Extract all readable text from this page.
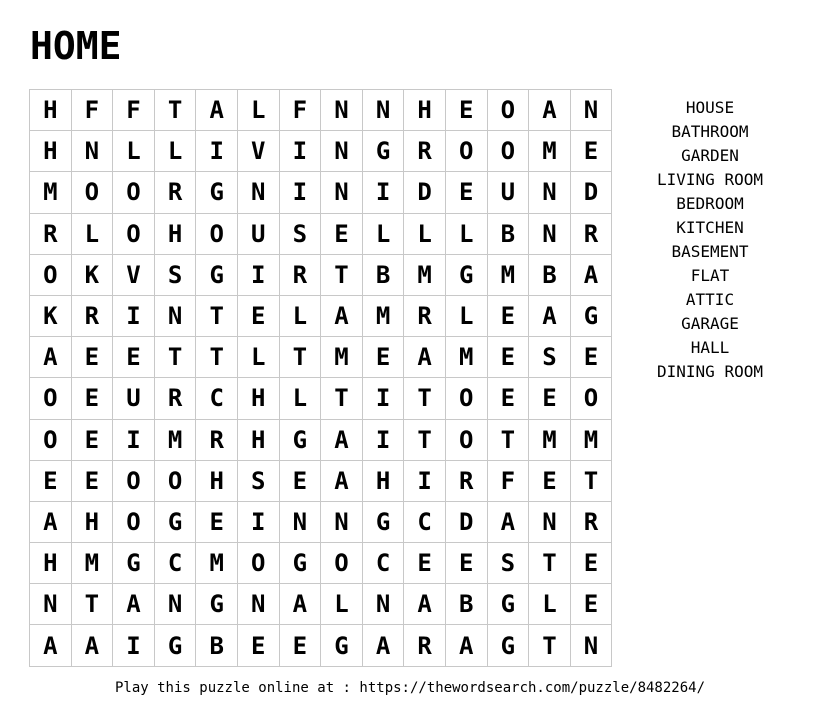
HOME
H	F	F	T	A	L	F	N	N	H	E	O	A	N
H	N	L	L	I	V	I	N	G	R	O	O	M	E
M	O	O	R	G	N	I	N	I	D	E	U	N	D
R	L	O	H	O	U	S	E	L	L	L	B	N	R
O	K	V	S	G	I	R	T	B	M	G	M	B	A
K	R	I	N	T	E	L	A	M	R	L	E	A	G
A	E	E	T	T	L	T	M	E	A	M	E	S	E
O	E	U	R	C	H	L	T	I	T	O	E	E	O
O	E	I	M	R	H	G	A	I	T	O	T	M	M
E	E	O	O	H	S	E	A	H	I	R	F	E	T
A	H	O	G	E	I	N	N	G	C	D	A	N	R
H	M	G	C	M	O	G	O	C	E	E	S	T	E
N	T	A	N	G	N	A	L	N	A	B	G	L	E
A	A	I	G	B	E	E	G	A	R	A	G	T	N
HOUSE
BATHROOM
GARDEN
LIVING ROOM
BEDROOM
KITCHEN
BASEMENT
FLAT
ATTIC
GARAGE
HALL
DINING ROOM
Play this puzzle online at : https://thewordsearch.com/puzzle/8482264/
